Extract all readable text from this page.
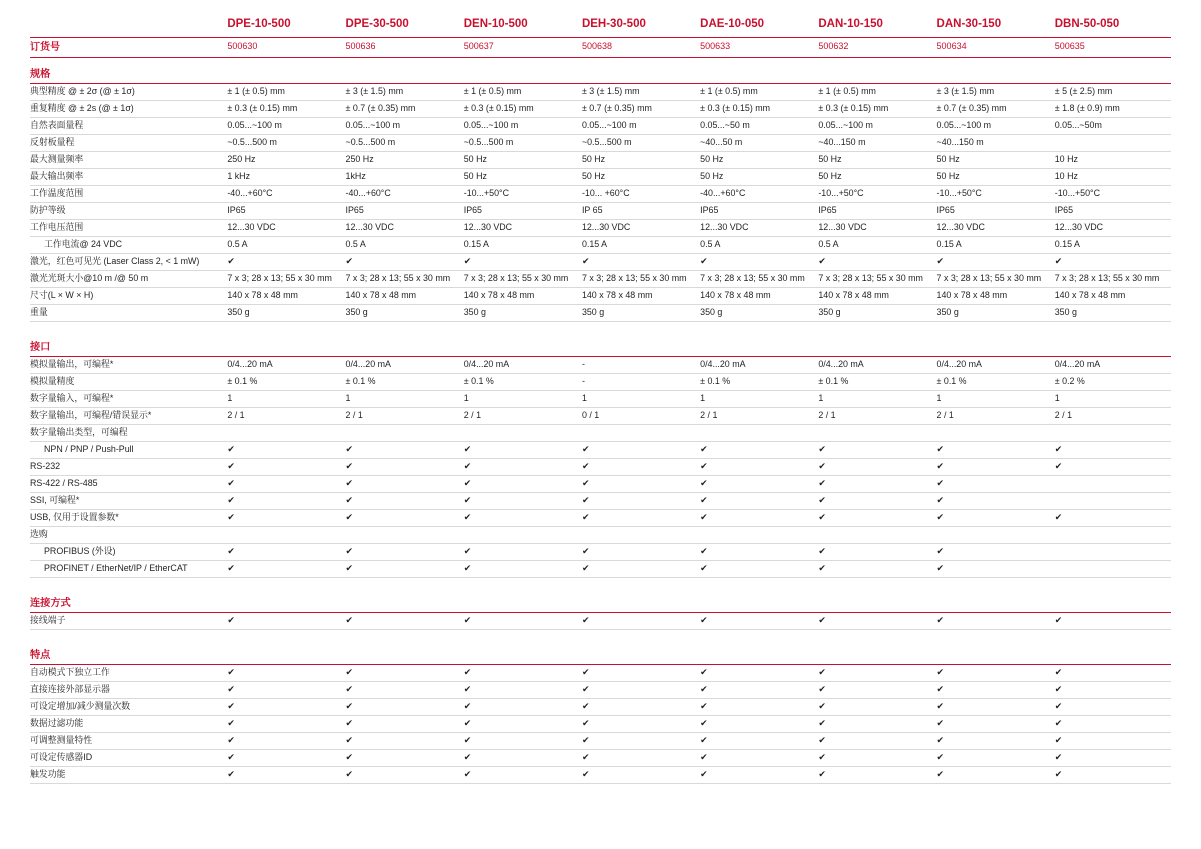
	DPE-10-500	DPE-30-500	DEN-10-500	DEH-30-500	DAE-10-050	DAN-10-150	DAN-30-150	DBN-50-050

订货号	500630	500636	500637	500638	500633	500632	500634	500635
规格								
典型精度 @ ± 2σ (@ ± 1σ)	± 1 (± 0.5) mm	± 3 (± 1.5) mm	± 1 (± 0.5) mm	± 3 (± 1.5) mm	± 1 (± 0.5) mm	± 1 (± 0.5) mm	± 3 (± 1.5) mm	± 5 (± 2.5) mm
重复精度 @ ± 2s (@ ± 1σ)	± 0.3 (± 0.15) mm	± 0.7 (± 0.35) mm	± 0.3 (± 0.15) mm	± 0.7 (± 0.35) mm	± 0.3 (± 0.15) mm	± 0.3 (± 0.15) mm	± 0.7 (± 0.35) mm	± 1.8 (± 0.9) mm
自然表面量程	0.05...~100 m	0.05...~100 m	0.05...~100 m	0.05...~100 m	0.05...~50 m	0.05...~100 m	0.05...~100 m	0.05...~50m
反射板量程	~0.5...500 m	~0.5...500 m	~0.5...500 m	~0.5...500 m	~40...50 m	~40...150 m	~40...150 m	
最大测量频率	250 Hz	250 Hz	50 Hz	50 Hz	50 Hz	50 Hz	50 Hz	10 Hz
最大输出频率	1 kHz	1kHz	50 Hz	50 Hz	50 Hz	50 Hz	50 Hz	10 Hz
工作温度范围	-40...+60°C	-40...+60°C	-10...+50°C	-10... +60°C	-40...+60°C	-10...+50°C	-10...+50°C	-10...+50°C
防护等级	IP65	IP65	IP65	IP 65	IP65	IP65	IP65	IP65
工作电压范围	12...30 VDC	12...30 VDC	12...30 VDC	12...30 VDC	12...30 VDC	12...30 VDC	12...30 VDC	12...30 VDC
工作电流@ 24 VDC	0.5 A	0.5 A	0.15 A	0.15 A	0.5 A	0.5 A	0.15 A	0.15 A
激光，红色可见光 (Laser Class 2, < 1 mW)	✔	✔	✔	✔	✔	✔	✔	✔
激光光斑大小@10 m /@ 50 m	7 x 3; 28 x 13; 55 x 30 mm	7 x 3; 28 x 13; 55 x 30 mm	7 x 3; 28 x 13; 55 x 30 mm	7 x 3; 28 x 13; 55 x 30 mm	7 x 3; 28 x 13; 55 x 30 mm	7 x 3; 28 x 13; 55 x 30 mm	7 x 3; 28 x 13; 55 x 30 mm	7 x 3; 28 x 13; 55 x 30 mm
尺寸(L × W × H)	140 x 78 x 48 mm	140 x 78 x 48 mm	140 x 78 x 48 mm	140 x 78 x 48 mm	140 x 78 x 48 mm	140 x 78 x 48 mm	140 x 78 x 48 mm	140 x 78 x 48 mm
重量	350 g	350 g	350 g	350 g	350 g	350 g	350 g	350 g

接口								
模拟量输出，可编程*	0/4...20 mA	0/4...20 mA	0/4...20 mA	-	0/4...20 mA	0/4...20 mA	0/4...20 mA	0/4...20 mA
模拟量精度	± 0.1 %	± 0.1 %	± 0.1 %	-	± 0.1 %	± 0.1 %	± 0.1 %	± 0.2 %
数字量输入，可编程*	1	1	1	1	1	1	1	1
数字量输出，可编程/错误显示*	2 / 1	2 / 1	2 / 1	0 / 1	2 / 1	2 / 1	2 / 1	2 / 1
数字量输出类型，可编程								
NPN / PNP / Push-Pull	✔	✔	✔	✔	✔	✔	✔	✔
RS-232	✔	✔	✔	✔	✔	✔	✔	✔
RS-422 / RS-485	✔	✔	✔	✔	✔	✔	✔	
SSI, 可编程*	✔	✔	✔	✔	✔	✔	✔	
USB, 仅用于设置参数*	✔	✔	✔	✔	✔	✔	✔	✔
选购								
PROFIBUS (外设)	✔	✔	✔	✔	✔	✔	✔	
PROFINET / EtherNet/IP / EtherCAT	✔	✔	✔	✔	✔	✔	✔	

连接方式								
接线端子	✔	✔	✔	✔	✔	✔	✔	✔

特点								
自动模式下独立工作	✔	✔	✔	✔	✔	✔	✔	✔
直接连接外部显示器	✔	✔	✔	✔	✔	✔	✔	✔
可设定增加/减少测量次数	✔	✔	✔	✔	✔	✔	✔	✔
数据过滤功能	✔	✔	✔	✔	✔	✔	✔	✔
可调整测量特性	✔	✔	✔	✔	✔	✔	✔	✔
可设定传感器ID	✔	✔	✔	✔	✔	✔	✔	✔
触发功能	✔	✔	✔	✔	✔	✔	✔	✔
